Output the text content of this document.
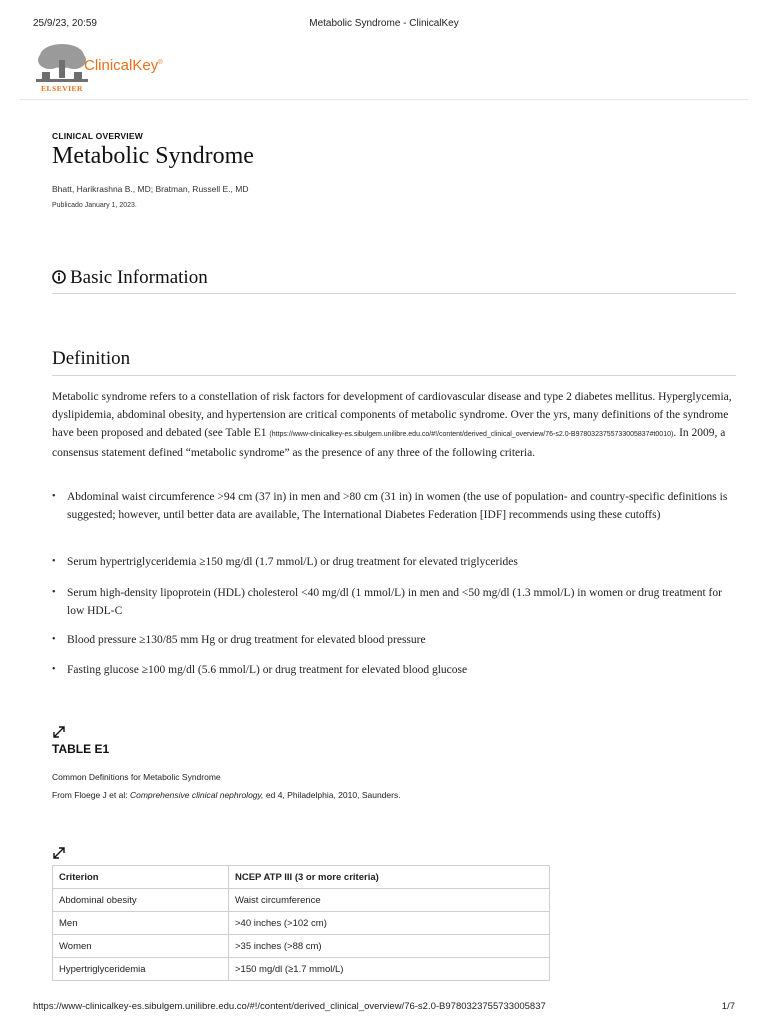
25/9/23, 20:59	Metabolic Syndrome - ClinicalKey
ELSEVIER
ClinicalKey®
CLINICAL OVERVIEW
Metabolic Syndrome
Bhatt, Harikrashna B., MD; Bratman, Russell E., MD
Publicado January 1, 2023.
Basic Information
Definition

Metabolic syndrome refers to a constellation of risk factors for development of cardiovascular disease and type 2 diabetes mellitus. Hyperglycemia, dyslipidemia, abdominal obesity, and hypertension are critical components of metabolic syndrome. Over the yrs, many definitions of the syndrome have been proposed and debated (see Table E1 (https://www-clinicalkey-es.sibulgem.unilibre.edu.co/#!/content/derived_clinical_overview/76-s2.0-B9780323755733005837#t0010). In 2009, a consensus statement defined “metabolic syndrome” as the presence of any three of the following criteria.

• Abdominal waist circumference >94 cm (37 in) in men and >80 cm (31 in) in women (the use of population- and country-specific definitions is suggested; however, until better data are available, The International Diabetes Federation [IDF] recommends using these cutoffs)
• Serum hypertriglyceridemia ≥150 mg/dl (1.7 mmol/L) or drug treatment for elevated triglycerides
• Serum high-density lipoprotein (HDL) cholesterol <40 mg/dl (1 mmol/L) in men and <50 mg/dl (1.3 mmol/L) in women or drug treatment for low HDL-C
• Blood pressure ≥130/85 mm Hg or drug treatment for elevated blood pressure
• Fasting glucose ≥100 mg/dl (5.6 mmol/L) or drug treatment for elevated blood glucose
TABLE E1
Common Definitions for Metabolic Syndrome
From Floege J et al: Comprehensive clinical nephrology, ed 4, Philadelphia, 2010, Saunders.
Criterion	NCEP ATP III (3 or more criteria)
Abdominal obesity	Waist circumference
Men	>40 inches (>102 cm)
Women	>35 inches (>88 cm)
Hypertriglyceridemia	>150 mg/dl (≥1.7 mmol/L)
https://www-clinicalkey-es.sibulgem.unilibre.edu.co/#!/content/derived_clinical_overview/76-s2.0-B9780323755733005837	1/7
